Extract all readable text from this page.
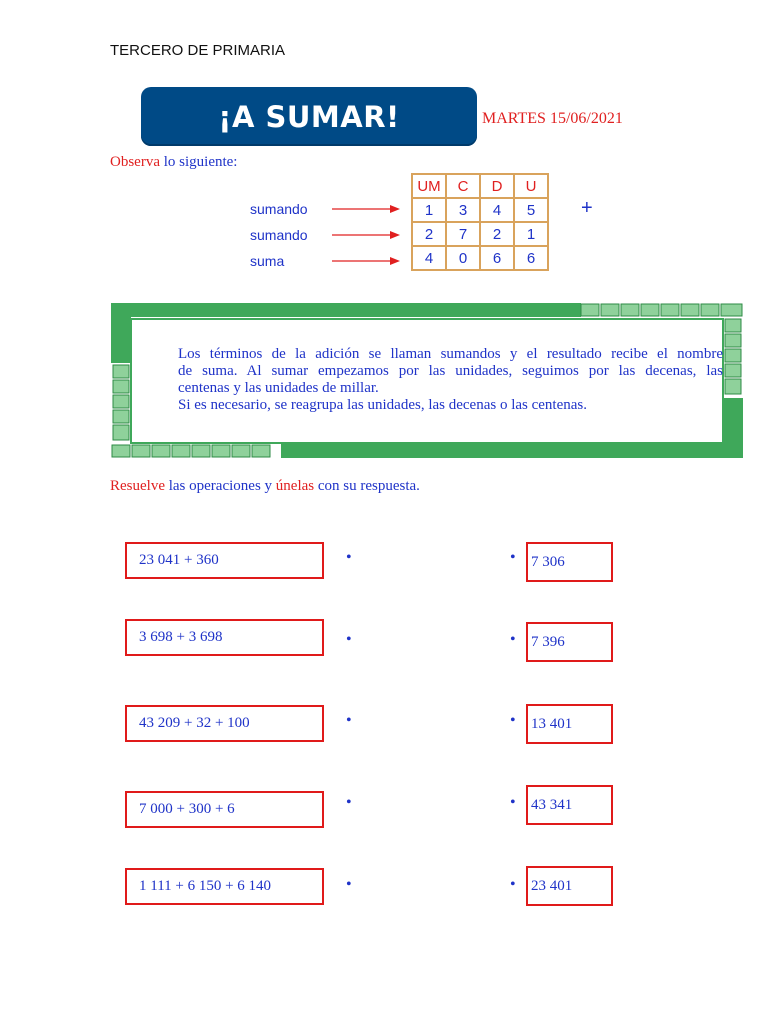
TERCERO DE PRIMARIA
¡A SUMAR!	MARTES 15/06/2021
Observa lo siguiente:
sumando
sumando
suma
UM	C	D	U
1	3	4	5
2	7	2	1
4	0	6	6
+

Los términos de la adición se llaman sumandos y el resultado recibe el nombre

de suma. Al sumar empezamos por las unidades, seguimos por las decenas, las

centenas y las unidades de millar.

Si es necesario, se reagrupa las unidades, las decenas o las centenas.

Resuelve las operaciones y únelas con su respuesta.
23 041 + 360
3 698 + 3 698
43 209 + 32 + 100
7 000 + 300 + 6
1 111 + 6 150 + 6 140
•
•
•
•
•
•
•
•
•
•
7 306
7 396
13 401
43 341
23 401
